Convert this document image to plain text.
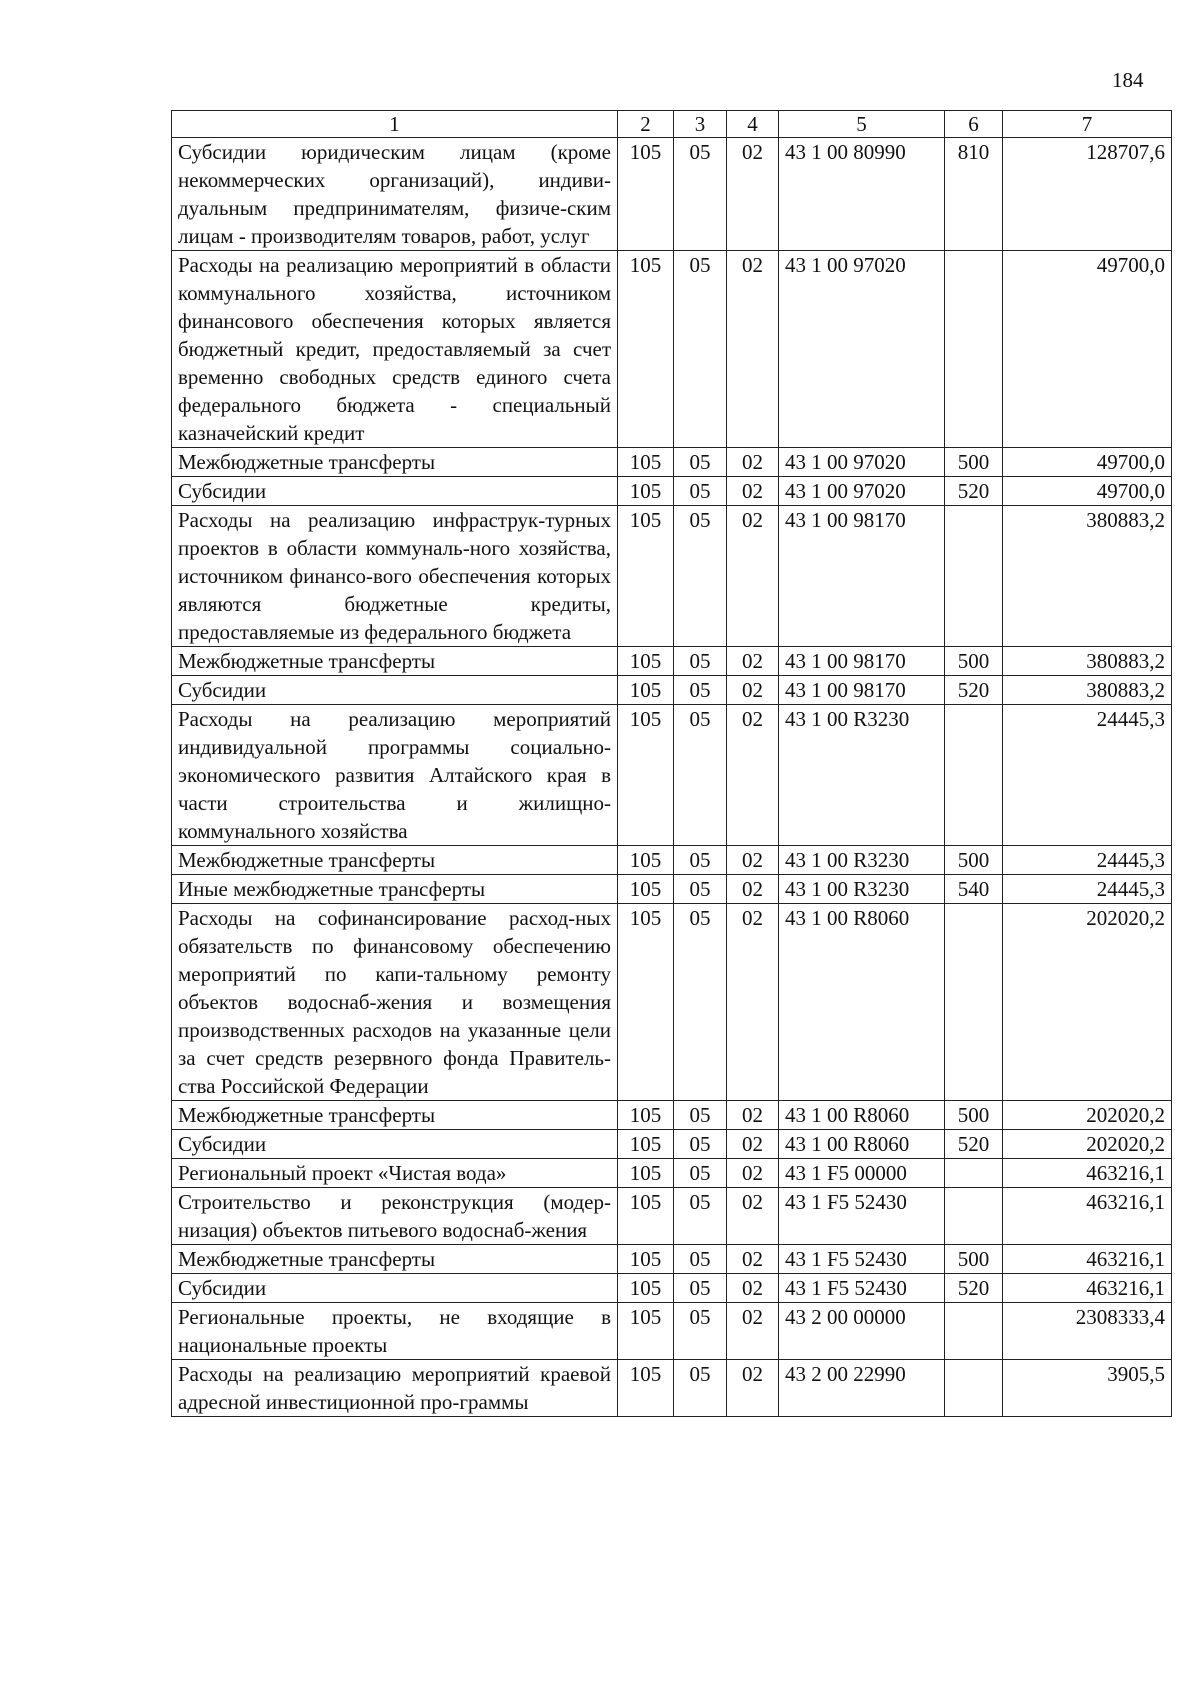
184
1	2	3	4	5	6	7
Субсидии юридическим лицам (кроме некоммерческих организаций), индиви-дуальным предпринимателям, физиче-ским лицам - производителям товаров, работ, услуг	105	05	02	43 1 00 80990	810	128707,6
Расходы на реализацию мероприятий в области коммунального хозяйства, источником финансового обеспечения которых является бюджетный кредит, предоставляемый за счет временно свободных средств единого счета федерального бюджета - специальный казначейский кредит	105	05	02	43 1 00 97020		49700,0
Межбюджетные трансферты	105	05	02	43 1 00 97020	500	49700,0
Субсидии	105	05	02	43 1 00 97020	520	49700,0
Расходы на реализацию инфраструк-турных проектов в области коммуналь-ного хозяйства, источником финансо-вого обеспечения которых являются бюджетные кредиты, предоставляемые из федерального бюджета	105	05	02	43 1 00 98170		380883,2
Межбюджетные трансферты	105	05	02	43 1 00 98170	500	380883,2
Субсидии	105	05	02	43 1 00 98170	520	380883,2
Расходы на реализацию мероприятий индивидуальной программы социально-экономического развития Алтайского края в части строительства и жилищно-коммунального хозяйства	105	05	02	43 1 00 R3230		24445,3
Межбюджетные трансферты	105	05	02	43 1 00 R3230	500	24445,3
Иные межбюджетные трансферты	105	05	02	43 1 00 R3230	540	24445,3
Расходы на софинансирование расход-ных обязательств по финансовому обеспечению мероприятий по капи-тальному ремонту объектов водоснаб-жения и возмещения производственных расходов на указанные цели за счет средств резервного фонда Правитель-ства Российской Федерации	105	05	02	43 1 00 R8060		202020,2
Межбюджетные трансферты	105	05	02	43 1 00 R8060	500	202020,2
Субсидии	105	05	02	43 1 00 R8060	520	202020,2
Региональный проект «Чистая вода»	105	05	02	43 1 F5 00000		463216,1
Строительство и реконструкция (модер-низация) объектов питьевого водоснаб-жения	105	05	02	43 1 F5 52430		463216,1
Межбюджетные трансферты	105	05	02	43 1 F5 52430	500	463216,1
Субсидии	105	05	02	43 1 F5 52430	520	463216,1
Региональные проекты, не входящие в национальные проекты	105	05	02	43 2 00 00000		2308333,4
Расходы на реализацию мероприятий краевой адресной инвестиционной про-граммы	105	05	02	43 2 00 22990		3905,5
